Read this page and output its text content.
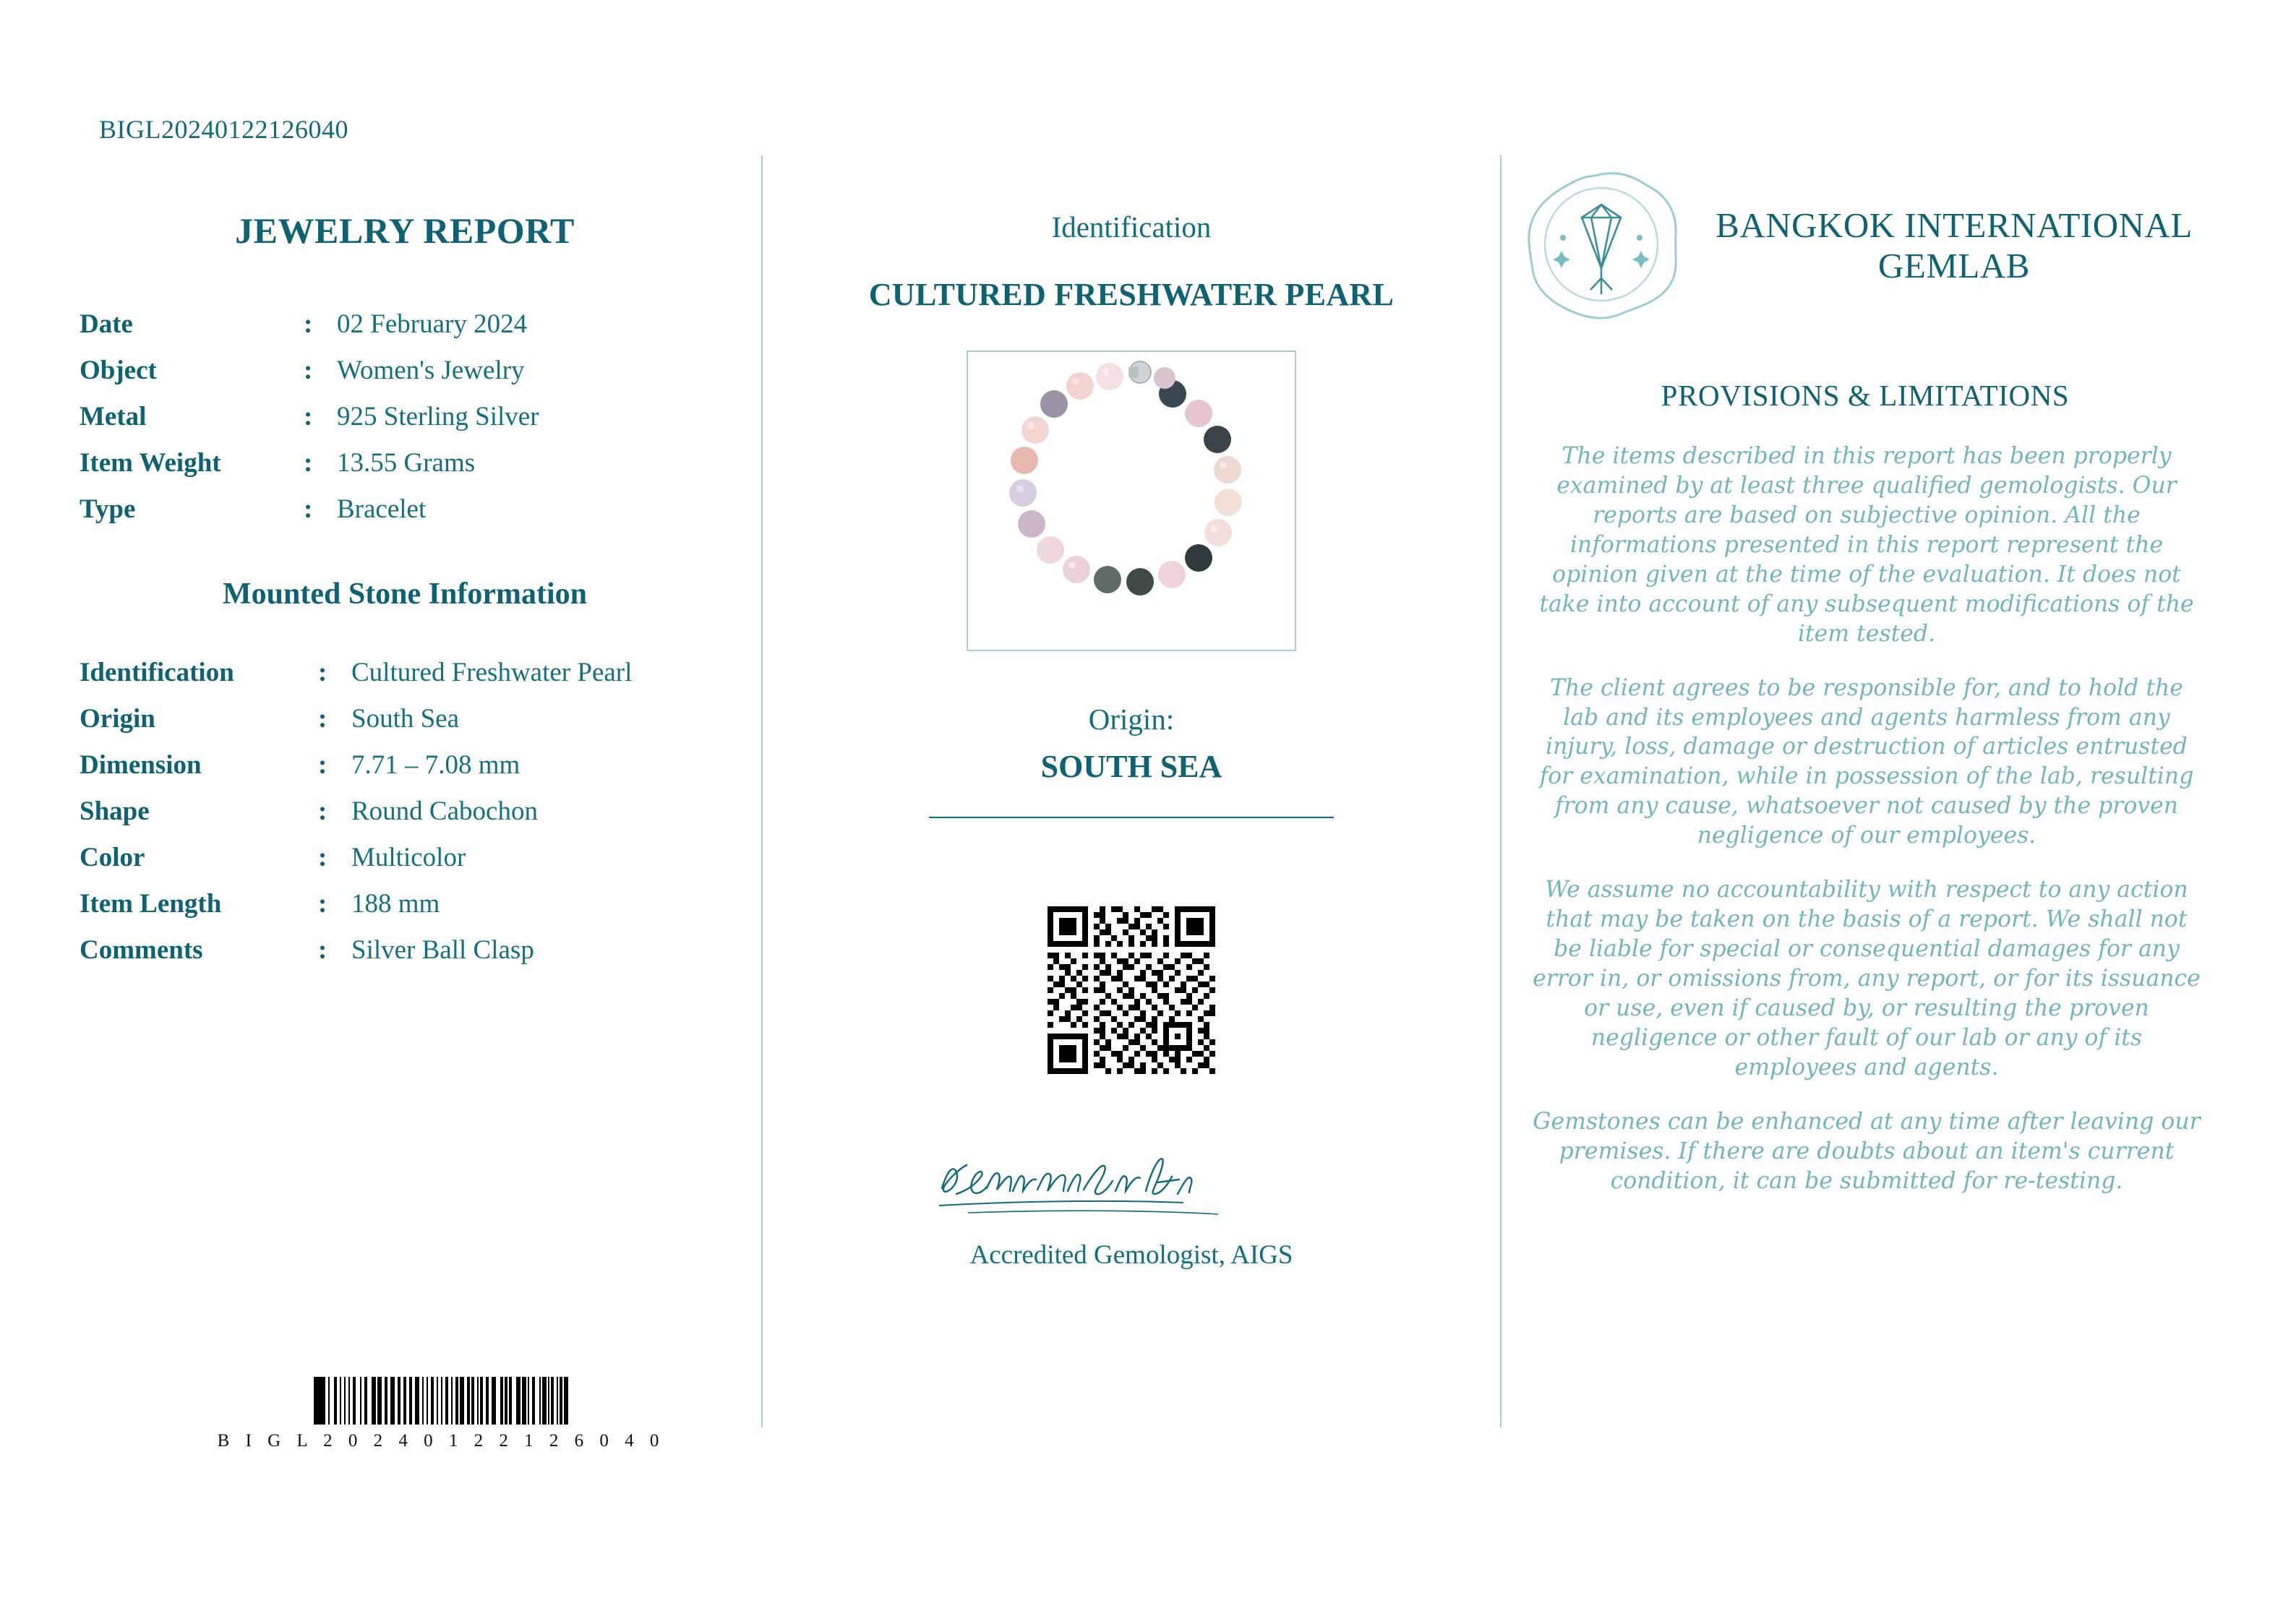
BIGL20240122126040
JEWELRY REPORT
Date	:	02 February 2024
Object	:	Women's Jewelry
Metal	:	925 Sterling Silver
Item Weight	:	13.55 Grams
Type	:	Bracelet
Mounted Stone Information
Identification	:	Cultured Freshwater Pearl
Origin	:	South Sea
Dimension	:	7.71 – 7.08 mm
Shape	:	Round Cabochon
Color	:	Multicolor
Item Length	:	188 mm
Comments	:	Silver Ball Clasp
B I G L 2 0 2 4 0 1 2 2 1 2 6 0 4 0
Identification
CULTURED FRESHWATER PEARL
Origin:
SOUTH SEA
Accredited Gemologist, AIGS
BANGKOK INTERNATIONAL GEMLAB
PROVISIONS & LIMITATIONS

The items described in this report has been properly examined by at least three qualified gemologists. Our reports are based on subjective opinion. All the informations presented in this report represent the opinion given at the time of the evaluation. It does not take into account of any subsequent modifications of the item tested.

The client agrees to be responsible for, and to hold the lab and its employees and agents harmless from any injury, loss, damage or destruction of articles entrusted for examination, while in possession of the lab, resulting from any cause, whatsoever not caused by the proven negligence of our employees.

We assume no accountability with respect to any action that may be taken on the basis of a report. We shall not be liable for special or consequential damages for any error in, or omissions from, any report, or for its issuance or use, even if caused by, or resulting the proven negligence or other fault of our lab or any of its employees and agents.

Gemstones can be enhanced at any time after leaving our premises. If there are doubts about an item's current condition, it can be submitted for re-testing.
